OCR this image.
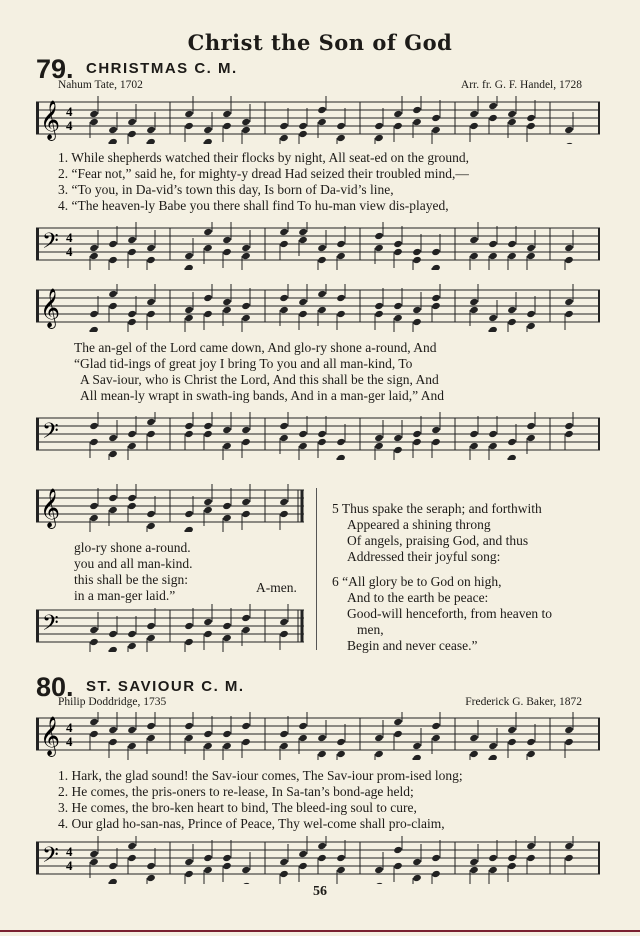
Christ the Son of God
79. CHRISTMAS C. M.
Nahum Tate, 1702	Arr. fr. G. F. Handel, 1728
𝄞 4
4
1. While shepherds watched their flocks by night, All seat-ed on the ground,
2. “Fear not,” said he, for mighty-y dread Had seized their troubled mind,—
3. “To you, in Da-vid’s town this day, Is born of Da-vid’s line,
4. “The heaven-ly Babe you there shall find To hu-man view dis-played,
𝄢 4
4
𝄞
The an-gel of the Lord came down, And glo-ry shone a-round, And
“Glad tid-ings of great joy I bring To you and all man-kind, To
A Sav-iour, who is Christ the Lord, And this shall be the sign, And
All mean-ly wrapt in swath-ing bands, And in a man-ger laid,” And
𝄢
𝄞
glo-ry shone a-round.
you and all man-kind.
this shall be the sign:
in a man-ger laid.”
A-men.
𝄢
5 Thus spake the seraph; and forthwith
Appeared a shining throng
Of angels, praising God, and thus
Addressed their joyful song:
6 “All glory be to God on high,
And to the earth be peace:
Good-will henceforth, from heaven to
men,
Begin and never cease.”
80. ST. SAVIOUR C. M.
Philip Doddridge, 1735	Frederick G. Baker, 1872
𝄞 4
4
1. Hark, the glad sound! the Sav-iour comes, The Sav-iour prom-ised long;
2. He comes, the pris-oners to re-lease, In Sa-tan’s bond-age held;
3. He comes, the bro-ken heart to bind, The bleed-ing soul to cure,
4. Our glad ho-san-nas, Prince of Peace, Thy wel-come shall pro-claim,
𝄢 4
4
56
